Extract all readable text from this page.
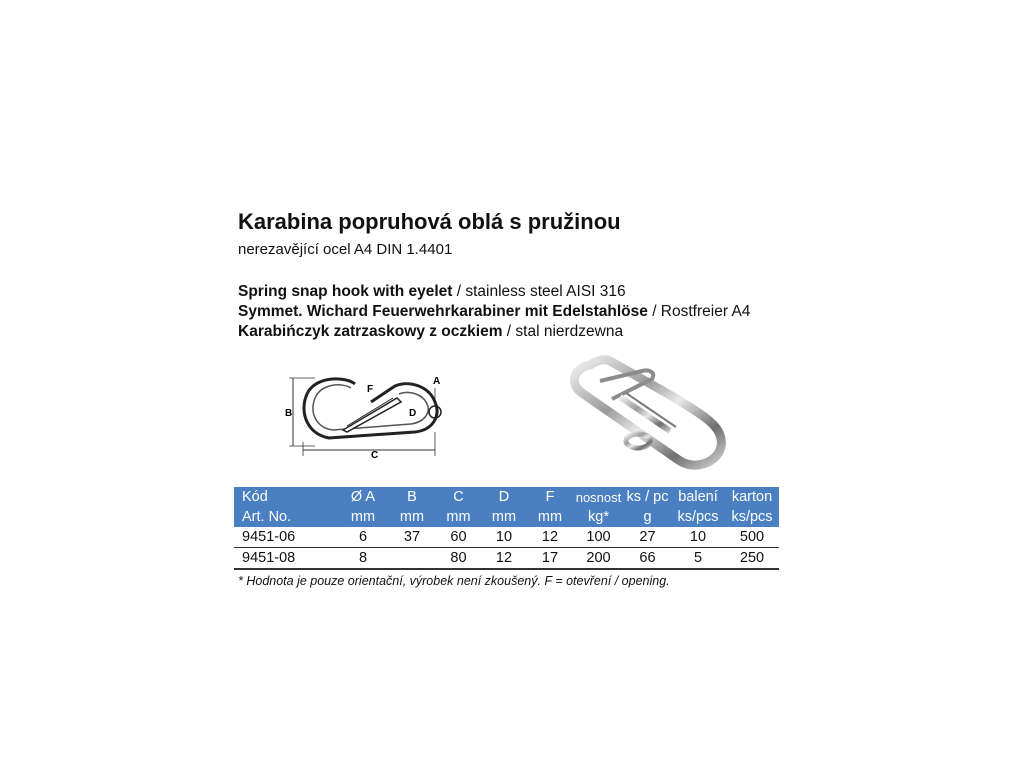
Karabina popruhová oblá s pružinou
nerezavějící ocel A4 DIN 1.4401
Spring snap hook with eyelet / stainless steel AISI 316
Symmet. Wichard Feuerwehrkarabiner mit Edelstahlöse / Rostfreier A4
Karabińczyk zatrzaskowy z oczkiem / stal nierdzewna
B
C
A
D
F
Kód	Ø A	B	C	D	F	nosnost	ks / pc	balení	karton
Art. No.	mm	mm	mm	mm	mm	kg*	g	ks/pcs	ks/pcs
9451-06	6	37	60	10	12	100	27	10	500
9451-08	8		80	12	17	200	66	5	250
* Hodnota je pouze orientační, výrobek není zkoušený. F = otevření / opening.
